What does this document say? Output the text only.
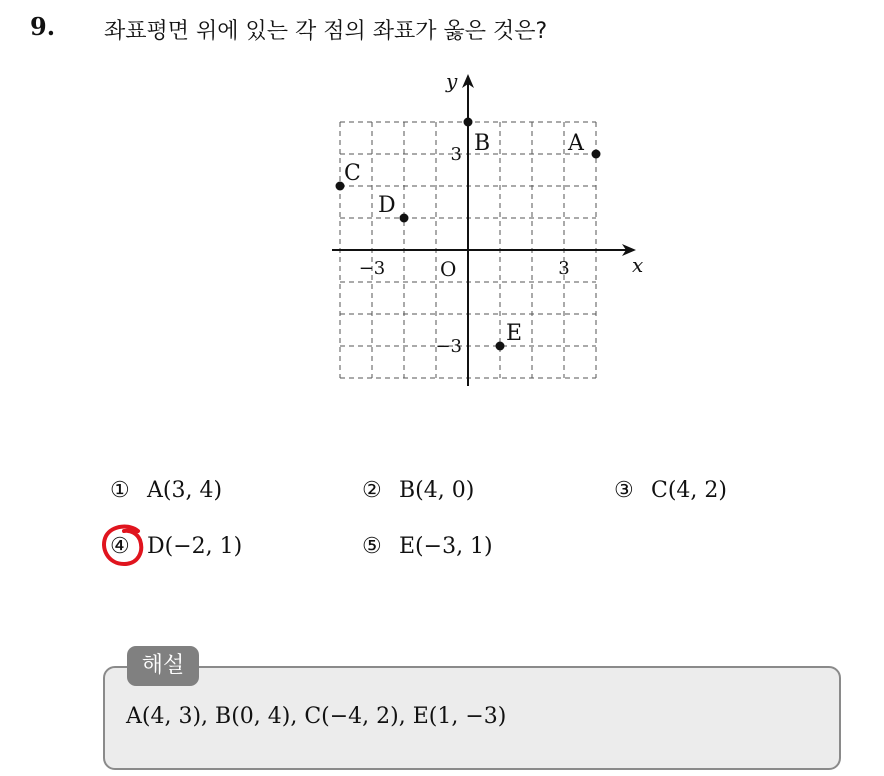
9. 좌표평면 위에 있는 각 점의 좌표가 옳은 것은?
x
y
O
−3	3
3
−3
A
B
C
D
E
① A(3, 4)	② B(4, 0)	③ C(4, 2)
④ D(−2, 1)	⑤ E(−3, 1)
해설
A(4, 3), B(0, 4), C(−4, 2), E(1, −3)
